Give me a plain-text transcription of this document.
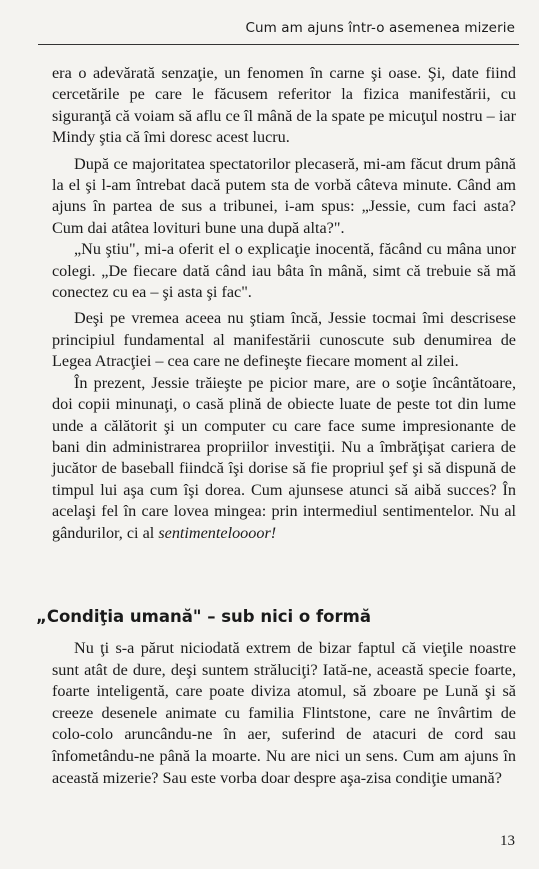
Cum am ajuns într-o asemenea mizerie

era o adevărată senzaţie, un fenomen în carne şi oase. Şi, date fiind cercetările pe care le făcusem referitor la fizica manifestării, cu siguranţă că voiam să aflu ce îl mână de la spate pe micuţul nostru – iar Mindy ştia că îmi doresc acest lucru.

După ce majoritatea spectatorilor plecaseră, mi-am făcut drum până la el şi l-am întrebat dacă putem sta de vorbă câteva minute. Când am ajuns în partea de sus a tribunei, i-am spus: „Jessie, cum faci asta? Cum dai atâtea lovituri bune una după alta?".

„Nu ştiu", mi-a oferit el o explicaţie inocentă, făcând cu mâna unor colegi. „De fiecare dată când iau bâta în mână, simt că trebuie să mă conectez cu ea – şi asta şi fac".

Deşi pe vremea aceea nu ştiam încă, Jessie tocmai îmi descrisese principiul fundamental al manifestării cunoscute sub denumirea de Legea Atracţiei – cea care ne defineşte fiecare moment al zilei.

În prezent, Jessie trăieşte pe picior mare, are o soţie încântătoare, doi copii minunaţi, o casă plină de obiecte luate de peste tot din lume unde a călătorit şi un computer cu care face sume impresionante de bani din administrarea propriilor investiţii. Nu a îmbrăţişat cariera de jucător de baseball fiindcă îşi dorise să fie propriul şef şi să dispună de timpul lui aşa cum îşi dorea. Cum ajunsese atunci să aibă succes? În acelaşi fel în care lovea mingea: prin intermediul sentimentelor. Nu al gândurilor, ci al sentimenteloooor!

„Condiţia umană" – sub nici o formă

Nu ţi s-a părut niciodată extrem de bizar faptul că vieţile noastre sunt atât de dure, deşi suntem străluciţi? Iată-ne, această specie foarte, foarte inteligentă, care poate diviza atomul, să zboare pe Lună şi să creeze desenele animate cu familia Flintstone, care ne învârtim de colo-colo aruncându-ne în aer, suferind de atacuri de cord sau înfometându-ne până la moarte. Nu are nici un sens. Cum am ajuns în această mizerie? Sau este vorba doar despre aşa-zisa condiţie umană?

13
